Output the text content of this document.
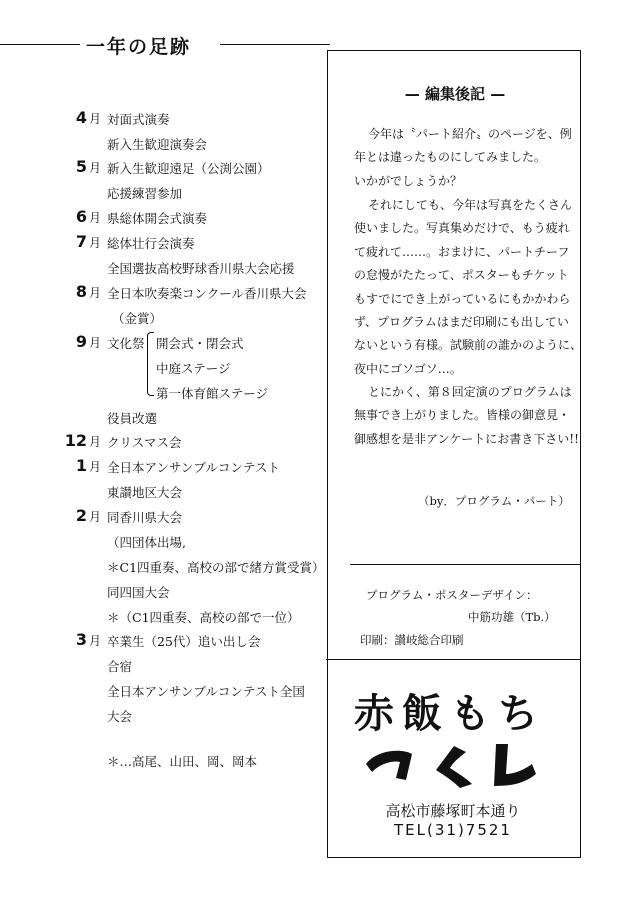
一年の足跡
4 月 対面式演奏
新入生歓迎演奏会
5 月 新入生歓迎遠足（公渕公園）
応援練習参加
6 月 県総体開会式演奏
7 月 総体壮行会演奏
全国選抜高校野球香川県大会応援
8 月 全日本吹奏楽コンクール香川県大会
（金賞）
9 月 文化祭 開会式・閉会式
中庭ステージ
第一体育館ステージ
役員改選
12 月 クリスマス会
1 月 全日本アンサンブルコンテスト
東讃地区大会
2 月 同香川県大会
（四団体出場,
＊C1四重奏、高校の部で緒方賞受賞）
同四国大会
＊（C1四重奏、高校の部で一位）
3 月 卒業生（25代）追い出し会
合宿
全日本アンサンブルコンテスト全国
大会
＊…高尾、山田、岡、岡本
— 編集後記 —
今年は〝パート紹介〟のページを、例
年とは違ったものにしてみました。
いかがでしょうか？
それにしても、今年は写真をたくさん
使いました。写真集めだけで、もう疲れ
て疲れて……。おまけに、パートチーフ
の怠慢がたたって、ポスターもチケット
もすでにでき上がっているにもかかわら
ず、プログラムはまだ印刷にも出してい
ないという有様。試験前の誰かのように、
夜中にゴソゴソ…。
とにかく、第８回定演のプログラムは
無事でき上がりました。皆様の御意見・
御感想を是非アンケートにお書き下さい!!
（by．プログラム・パート）
プログラム・ポスターデザイン：
中筋功雄（Tb.）
印刷：讃岐総合印刷
赤飯もち
高松市藤塚町本通り
TEL(31)7521
